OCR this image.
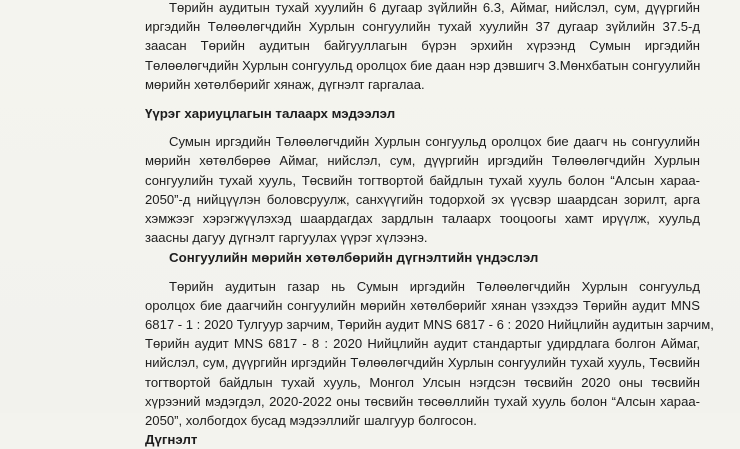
Төрийн аудитын тухай хуулийн 6 дугаар зүйлийн 6.3, Аймаг, нийслэл, сум, дүүргийн
иргэдийн Төлөөлөгчдийн Хурлын сонгуулийн тухай хуулийн 37 дугаар зүйлийн 37.5-д
заасан Төрийн аудитын байгууллагын бүрэн эрхийн хүрээнд Сумын иргэдийн
Төлөөлөгчдийн Хурлын сонгуульд оролцох бие даан нэр дэвшигч З.Мөнхбатын сонгуулийн
мөрийн хөтөлбөрийг хянаж, дүгнэлт гаргалаа.

Үүрэг хариуцлагын талаарх мэдээлэл

Сумын иргэдийн Төлөөлөгчдийн Хурлын сонгуульд оролцох бие даагч нь сонгуулийн
мөрийн хөтөлбөрөө Аймаг, нийслэл, сум, дүүргийн иргэдийн Төлөөлөгчдийн Хурлын
сонгуулийн тухай хууль, Төсвийн тогтвортой байдлын тухай хууль болон “Алсын хараа-
2050”-д нийцүүлэн боловсруулж, санхүүгийн тодорхой эх үүсвэр шаардсан зорилт, арга
хэмжээг хэрэгжүүлэхэд шаардагдах зардлын талаарх тооцоогы хамт ирүүлж, хуульд
заасны дагуу дүгнэлт гаргуулах үүрэг хүлээнэ.

Сонгуулийн мөрийн хөтөлбөрийн дүгнэлтийн үндэслэл

Төрийн аудитын газар нь Сумын иргэдийн Төлөөлөгчдийн Хурлын сонгуульд
оролцох бие даагчийн сонгуулийн мөрийн хөтөлбөрийг хянан үзэхдээ Төрийн аудит MNS
6817 - 1 : 2020 Тулгуур зарчим, Төрийн аудит MNS 6817 - 6 : 2020 Нийцлийн аудитын зарчим,
Төрийн аудит MNS 6817 - 8 : 2020 Нийцлийн аудит стандартыг удирдлага болгон Аймаг,
нийслэл, сум, дүүргийн иргэдийн Төлөөлөгчдийн Хурлын сонгуулийн тухай хууль, Төсвийн
тогтвортой байдлын тухай хууль, Монгол Улсын нэгдсэн төсвийн 2020 оны төсвийн
хүрээний мэдэгдэл, 2020-2022 оны төсвийн төсөөллийн тухай хууль болон “Алсын хараа-
2050”, холбогдох бусад мэдээллийг шалгуур болгосон.

Дүгнэлт
